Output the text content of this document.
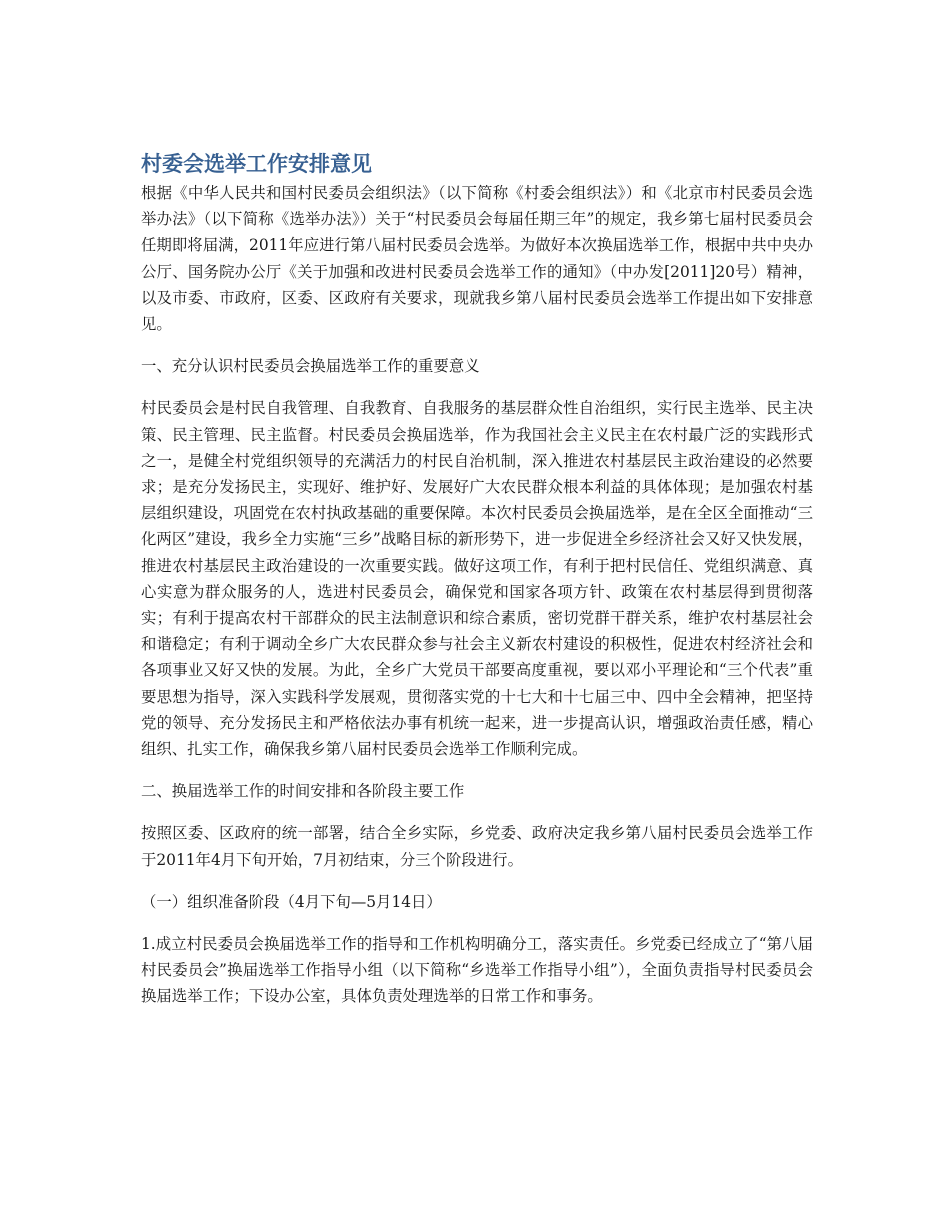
村委会选举工作安排意见

根据《中华人民共和国村民委员会组织法》（以下简称《村委会组织法》）和《北京市村民委员会选举办法》（以下简称《选举办法》）关于“村民委员会每届任期三年”的规定，我乡第七届村民委员会任期即将届满，2011年应进行第八届村民委员会选举。为做好本次换届选举工作，根据中共中央办公厅、国务院办公厅《关于加强和改进村民委员会选举工作的通知》（中办发[2011]20号）精神，以及市委、市政府，区委、区政府有关要求，现就我乡第八届村民委员会选举工作提出如下安排意见。

一、充分认识村民委员会换届选举工作的重要意义

村民委员会是村民自我管理、自我教育、自我服务的基层群众性自治组织，实行民主选举、民主决策、民主管理、民主监督。村民委员会换届选举，作为我国社会主义民主在农村最广泛的实践形式之一，是健全村党组织领导的充满活力的村民自治机制，深入推进农村基层民主政治建设的必然要求；是充分发扬民主，实现好、维护好、发展好广大农民群众根本利益的具体体现；是加强农村基层组织建设，巩固党在农村执政基础的重要保障。本次村民委员会换届选举，是在全区全面推动“三化两区”建设，我乡全力实施“三乡”战略目标的新形势下，进一步促进全乡经济社会又好又快发展，推进农村基层民主政治建设的一次重要实践。做好这项工作，有利于把村民信任、党组织满意、真心实意为群众服务的人，选进村民委员会，确保党和国家各项方针、政策在农村基层得到贯彻落实；有利于提高农村干部群众的民主法制意识和综合素质，密切党群干群关系，维护农村基层社会和谐稳定；有利于调动全乡广大农民群众参与社会主义新农村建设的积极性，促进农村经济社会和各项事业又好又快的发展。为此，全乡广大党员干部要高度重视，要以邓小平理论和“三个代表”重要思想为指导，深入实践科学发展观，贯彻落实党的十七大和十七届三中、四中全会精神，把坚持党的领导、充分发扬民主和严格依法办事有机统一起来，进一步提高认识，增强政治责任感，精心组织、扎实工作，确保我乡第八届村民委员会选举工作顺利完成。

二、换届选举工作的时间安排和各阶段主要工作

按照区委、区政府的统一部署，结合全乡实际，乡党委、政府决定我乡第八届村民委员会选举工作于2011年4月下旬开始，7月初结束，分三个阶段进行。

（一）组织准备阶段（4月下旬—5月14日）

1.成立村民委员会换届选举工作的指导和工作机构明确分工，落实责任。乡党委已经成立了“第八届村民委员会”换届选举工作指导小组（以下简称“乡选举工作指导小组”），全面负责指导村民委员会换届选举工作；下设办公室，具体负责处理选举的日常工作和事务。
